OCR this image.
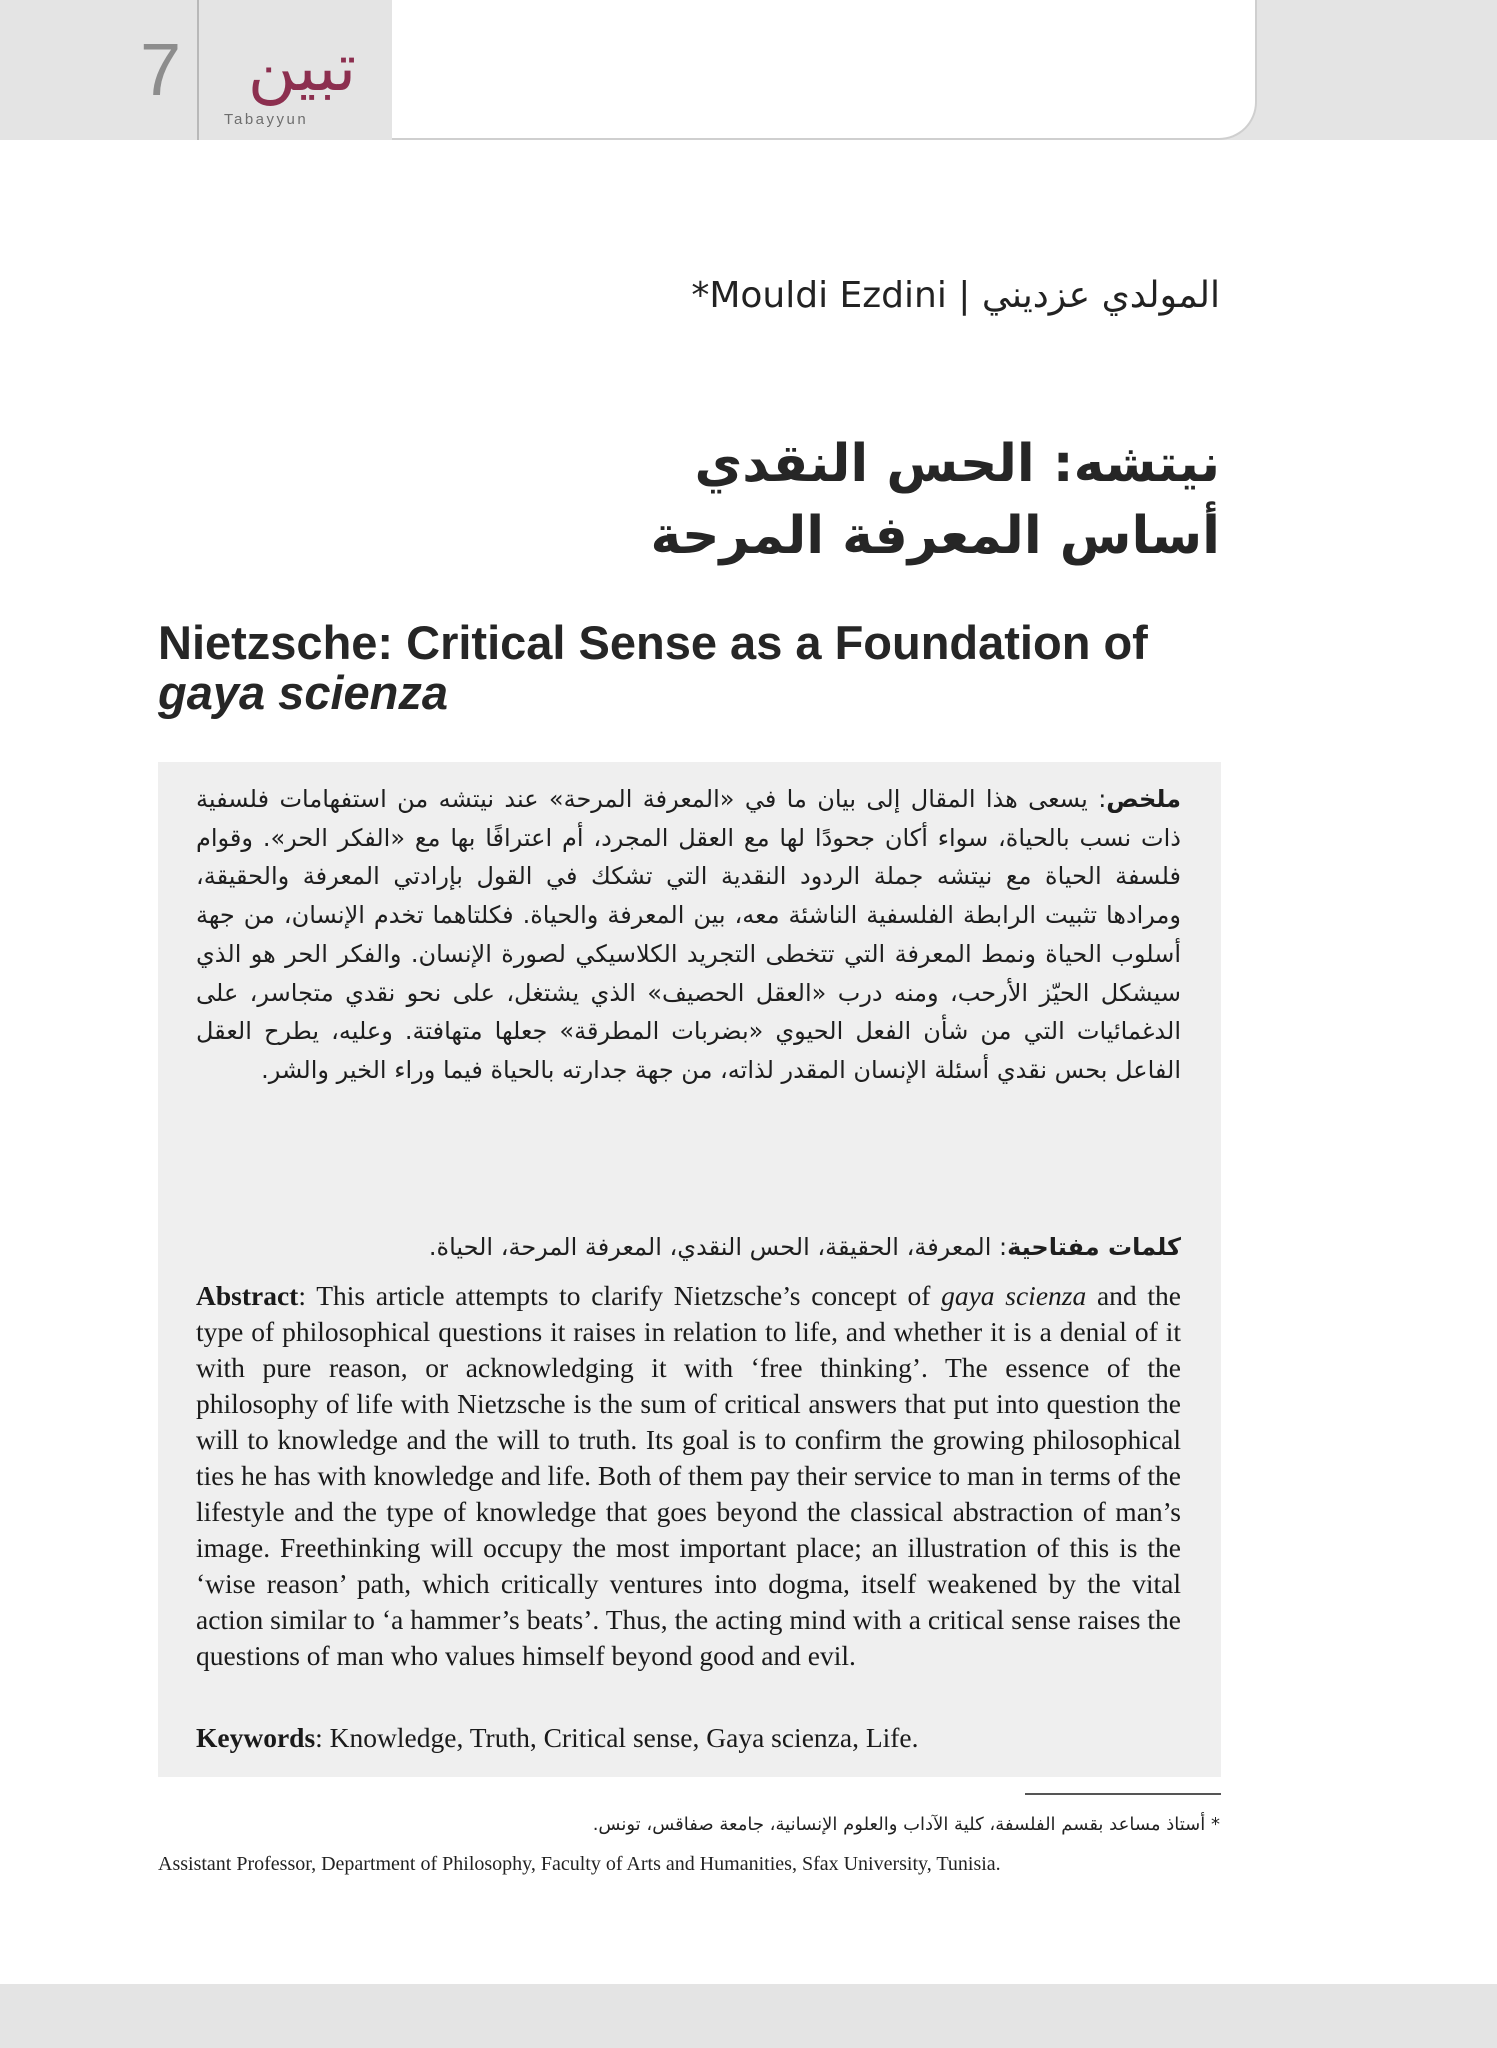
7 تبين
Tabayyun
المولدي عزديني | Mouldi Ezdini*
نيتشه: الحس النقدي
أساس المعرفة المرحة
Nietzsche: Critical Sense as a Foundation of gaya scienza

ملخص: يسعى هذا المقال إلى بيان ما في «المعرفة المرحة» عند نيتشه من استفهامات فلسفية ذات نسب بالحياة، سواء أكان جحودًا لها مع العقل المجرد، أم اعترافًا بها مع «الفكر الحر». وقوام فلسفة الحياة مع نيتشه جملة الردود النقدية التي تشكك في القول بإرادتي المعرفة والحقيقة، ومرادها تثبيت الرابطة الفلسفية الناشئة معه، بين المعرفة والحياة. فكلتاهما تخدم الإنسان، من جهة أسلوب الحياة ونمط المعرفة التي تتخطى التجريد الكلاسيكي لصورة الإنسان. والفكر الحر هو الذي سيشكل الحيّز الأرحب، ومنه درب «العقل الحصيف» الذي يشتغل، على نحو نقدي متجاسر، على الدغمائيات التي من شأن الفعل الحيوي «بضربات المطرقة» جعلها متهافتة. وعليه، يطرح العقل الفاعل بحس نقدي أسئلة الإنسان المقدر لذاته، من جهة جدارته بالحياة فيما وراء الخير والشر.

كلمات مفتاحية: المعرفة، الحقيقة، الحس النقدي، المعرفة المرحة، الحياة.

Abstract: This article attempts to clarify Nietzsche’s concept of gaya scienza and the type of philosophical questions it raises in relation to life, and whether it is a denial of it with pure reason, or acknowledging it with ‘free thinking’. The essence of the philosophy of life with Nietzsche is the sum of critical answers that put into question the will to knowledge and the will to truth. Its goal is to confirm the growing philosophical ties he has with knowledge and life. Both of them pay their service to man in terms of the lifestyle and the type of knowledge that goes beyond the classical abstraction of man’s image. Freethinking will occupy the most important place; an illustration of this is the ‘wise reason’ path, which critically ventures into dogma, itself weakened by the vital action similar to ‘a hammer’s beats’. Thus, the acting mind with a critical sense raises the questions of man who values himself beyond good and evil.

Keywords: Knowledge, Truth, Critical sense, Gaya scienza, Life.

* أستاذ مساعد بقسم الفلسفة، كلية الآداب والعلوم الإنسانية، جامعة صفاقس، تونس.
Assistant Professor, Department of Philosophy, Faculty of Arts and Humanities, Sfax University, Tunisia.
